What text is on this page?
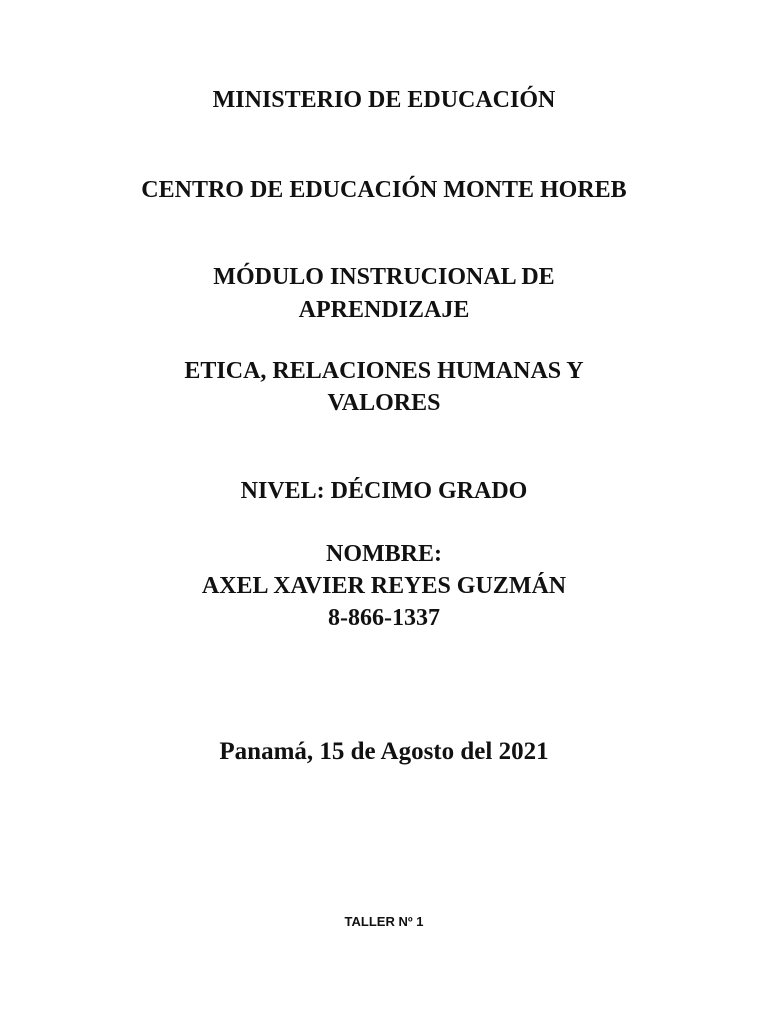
MINISTERIO DE EDUCACIÓN
CENTRO DE EDUCACIÓN MONTE HOREB
MÓDULO INSTRUCIONAL DE
APRENDIZAJE
ETICA, RELACIONES HUMANAS Y
VALORES
NIVEL: DÉCIMO GRADO
NOMBRE:
AXEL XAVIER REYES GUZMÁN
8-866-1337
Panamá, 15 de Agosto del 2021
TALLER Nº 1
